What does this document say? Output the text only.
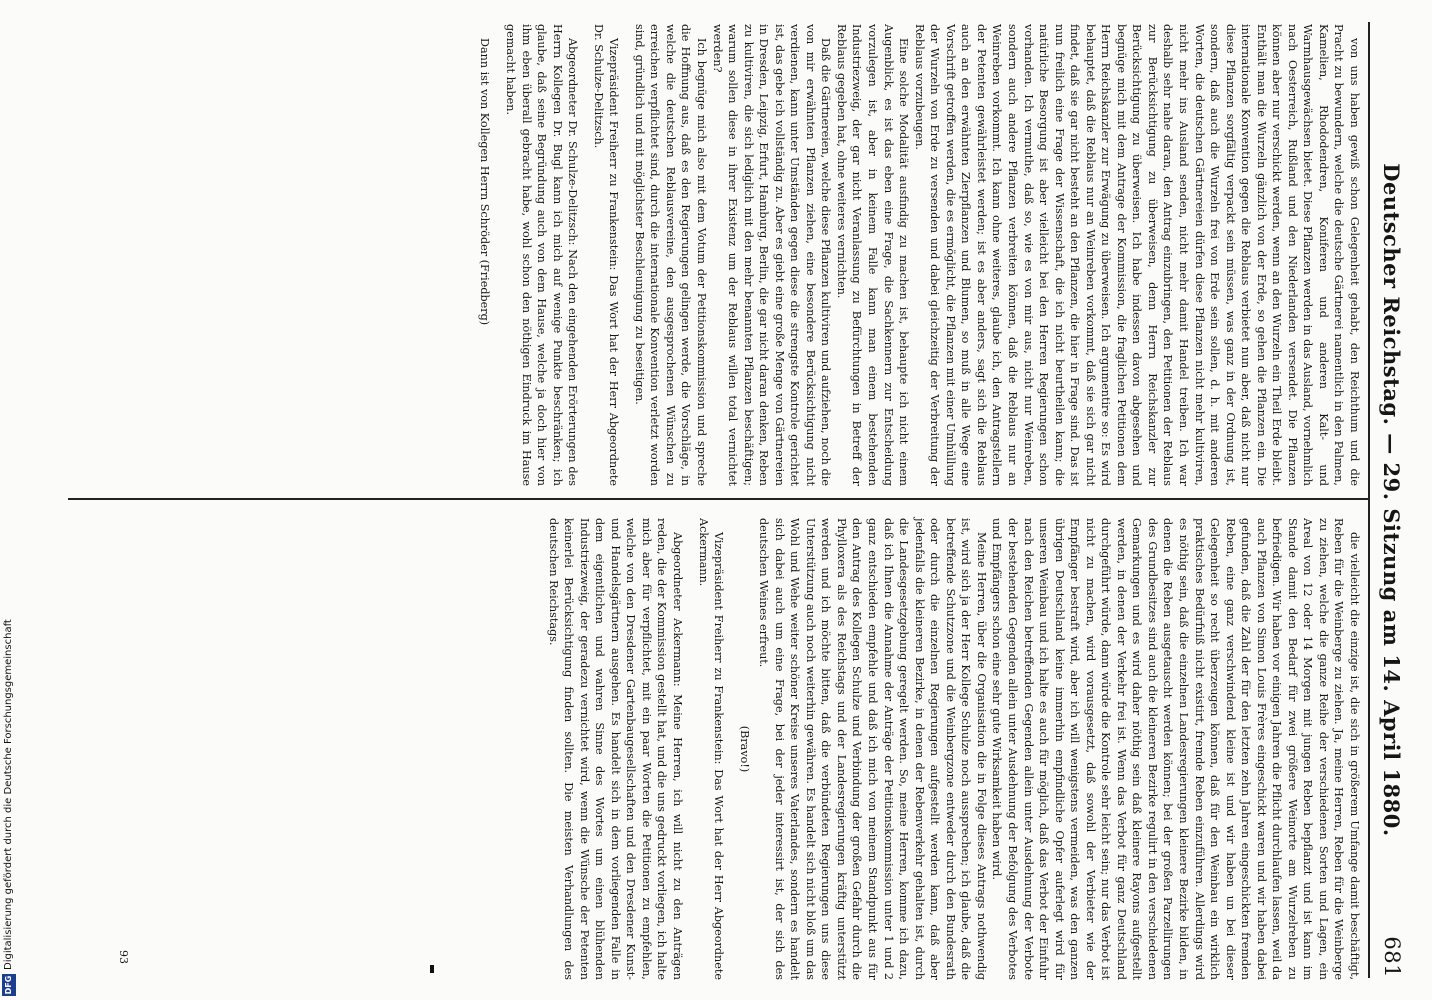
Deutscher Reichstag. — 29. Sitzung am 14. April 1880.
681

von uns haben gewiß schon Gelegenheit gehabt, den Reichthum und die Pracht zu bewundern, welche die deutsche Gärtnerei namentlich in den Palmen, Kamelien, Rhododendren, Koniferen und anderen Kalt- und Warmhausgewächsen bietet. Diese Pflanzen werden in das Ausland, vornehmlich nach Oesterreich, Rußland und den Niederlanden versendet. Die Pflanzen können aber nur verschickt werden, wenn an den Wurzeln ein Theil Erde bleibt. Enthält man die Wurzeln gänzlich von der Erde, so gehen die Pflanzen ein. Die internationale Konvention gegen die Reblaus verbietet nun aber, daß nicht nur diese Pflanzen sorgfältig verpackt sein müssen, was ganz in der Ordnung ist, sondern, daß auch die Wurzeln frei von Erde sein sollen, d. h. mit anderen Worten, die deutschen Gärtnereien dürfen diese Pflanzen nicht mehr kultiviren, nicht mehr ins Ausland senden, nicht mehr damit Handel treiben. Ich war deshalb sehr nahe daran, den Antrag einzubringen, den Petitionen der Reblaus zur Berücksichtigung zu überweisen, denn Herrn Reichskanzler zur Berücksichtigung zu überweisen. Ich habe indessen davon abgesehen und begnüge mich mit dem Antrage der Kommission, die fraglichen Petitionen dem Herrn Reichskanzler zur Erwägung zu überweisen. Ich argumentire so: Es wird behauptet, daß die Reblaus nur an Weinreben vorkommt, daß sie sich gar nicht findet, daß sie gar nicht besteht an den Pflanzen, die hier in Frage sind. Das ist nun freilich eine Frage der Wissenschaft, die ich nicht beurtheilen kann; die natürliche Besorgung ist aber vielleicht bei den Herren Regierungen schon vorhanden. Ich vermuthe, daß so, wie es von mir aus, nicht nur Weinreben, sondern auch andere Pflanzen verbreiten können, daß die Reblaus nur an Weinreben vorkommt. Ich kann ohne weiteres, glaube ich, den Antragstellern der Petenten gewährleistet werden; ist es aber anders, sagt sich die Reblaus auch an den erwähnten Zierpflanzen und Blumen, so muß in alle Wege eine Vorschrift getroffen werden, die es ermöglicht, die Pflanzen mit einer Umhüllung der Wurzeln von Erde zu versenden und dabei gleichzeitig der Verbreitung der Reblaus vorzubeugen.

Eine solche Modalität ausfindig zu machen ist, behaupte ich nicht einem Augenblick, es ist das eben eine Frage, die Sachkennern zur Entscheidung vorzulegen ist, aber in keinem Falle kann man einem bestehenden Industriezweig, der gar nicht Veranlassung zu Befürchtungen in Betreff der Reblaus gegeben hat, ohne weiteres vernichten.

Daß die Gärtnereien, welche diese Pflanzen kultiviren und aufziehen, noch die von mir erwähnten Pflanzen ziehen, eine besondere Berücksichtigung nicht verdienen, kann unter Umständen gegen diese die strengste Kontrole gerichtet ist, das gebe ich vollständig zu. Aber es giebt eine große Menge von Gärtnereien in Dresden, Leipzig, Erfurt, Hamburg, Berlin, die gar nicht daran denken, Reben zu kultiviren, die sich lediglich mit den mehr benannten Pflanzen beschäftigen; warum sollen diese in ihrer Existenz um der Reblaus willen total vernichtet werden?

Ich begnüge mich also mit dem Votum der Petitionskommission und spreche die Hoffnung aus, daß es den Regierungen gelingen werde, die Vorschläge, in welche die deutschen Reblausvereine, den ausgesprochenen Wünschen zu erreichen verpflichtet sind, durch die internationale Konvention verletzt worden sind, gründlich und mit möglichster Beschleunigung zu beseitigen.

Vizepräsident Freiherr zu Frankenstein: Das Wort hat der Herr Abgeordnete Dr. Schulze-Delitzsch.

Abgeordneter Dr. Schulze-Delitzsch: Nach den eingehenden Erörterungen des Herrn Kollegen Dr. Bugl kann ich mich auf wenige Punkte beschränken; ich glaube, daß seine Begründung auch von dem Hause, welche ja doch hier von ihm eben überall gebracht habe, wohl schon den nöthigen Eindruck im Hause gemacht haben.

Dann ist von Kollegen Herrn Schröder (Friedberg)

die vielleicht die einzige ist, die sich in größerem Umfange damit beschäftigt, Reben für die Weinberge zu ziehen. Ja, meine Herren, Reben für die Weinberge zu ziehen, welche die ganze Reihe der verschiedenen Sorten und Lagen, ein Areal von 12 oder 14 Morgen mit jungen Reben bepflanzt und ist kann im Stande damit den Bedarf für zwei größere Weinorte am Wurzelreben zu befriedigen. Wir haben vor einigen Jahren die Pflicht durchlaufen lassen, weil da auch Pflanzen von Simon Louis Frères eingeschickt waren und wir haben dabei gefunden, daß die Zahl der für den letzten zehn Jahren eingeschickten fremden Reben, eine ganz verschwindend kleine ist und wir haben un bei dieser Gelegenheit so recht überzeugen können, daß für den Weinbau ein wirklich praktisches Bedürfniß nicht existirt, fremde Reben einzuführen. Allerdings wird es nöthig sein, daß die einzelnen Landesregierungen kleinere Bezirke bilden, in denen die Reben ausgetauscht werden können; bei der großen Parzellirungen des Grundbesitzes sind auch die kleineren Bezirke regulirt in den verschiedenen Gemarkungen und es wird daher nöthig sein daß kleinere Rayons aufgestellt werden, in denen der Verkehr frei ist. Wenn das Verbot für ganz Deutschland durchgeführt würde, dann würde die Kontrole sehr leicht sein; nur das Verbot ist nicht zu machen, wird vorausgesetzt, daß sowohl der Verbieter wie der Empfänger bestraft wird, aber ich will wenigstens vermeiden, was den ganzen übrigen Deutschland keine immerhin empfindliche Opfer auferlegt wird für unseren Weinbau und ich halte es auch für möglich, daß das Verbot der Einfuhr nach den Reichen betreffenden Gegenden allein unter Ausdehnung der Verbote der bestehenden Gegenden allein unter Ausdehnung der Befolgung des Verbotes und Empfängers schon eine sehr gute Wirksamkeit haben wird.

Meine Herren, über die Organisation die in Folge dieses Antrags nothwendig ist, wird sich ja der Herr Kollege Schulze noch aussprechen; ich glaube, daß die betreffende Schutzzone und die Weinbergzone entweder durch den Bundesrath oder durch die einzelnen Regierungen aufgestellt werden kann, daß aber jedenfalls die kleineren Bezirke, in denen der Rebenverkehr gehalten ist, durch die Landesgesetzgebung geregelt werden. So, meine Herren, komme ich dazu, daß ich Ihnen die Annahme der Anträge der Petitionskommission unter 1 und 2 ganz entschieden empfehle und daß ich mich von meinem Standpunkt aus für den Antrag des Kollegen Schulze und Verbindung der großen Gefahr durch die Phylloxera als des Reichstags und der Landesregierungen kräftig unterstützt werden und ich möchte bitten, daß die verbündeten Regierungen uns diese Unterstützung auch noch weiterhin gewähren. Es handelt sich nicht bloß um das Wohl und Wehe weiter schöner Kreise unseres Vaterlandes, sondern es handelt sich dabei auch um eine Frage, bei der jeder interessirt ist, der sich des deutschen Weines erfreut.

(Bravo!)

Vizepräsident Freiherr zu Frankenstein: Das Wort hat der Herr Abgeordnete Ackermann.

Abgeordneter Ackermann: Meine Herren, ich will nicht zu den Anträgen reden, die der Kommission gestellt hat, und die uns gedruckt vorliegen, ich halte mich aber für verpflichtet, mit ein paar Worten die Petitionen zu empfehlen, welche von den Dresdener Gartenbaugesellschaften und den Dresdener Kunst- und Handelsgärtnern ausgehen. Es handelt sich in dem vorliegenden Falle in dem eigentlichen und wahren Sinne des Wortes um einen blühenden Industriezweig, der geradezu vernichtet wird, wenn die Wünsche der Petenten keinerlei Berücksichtigung finden sollten. Die meisten Verhandlungen des deutschen Reichstags.

93
DFG
Digitalisierung gefördert durch die Deutsche Forschungsgemeinschaft
